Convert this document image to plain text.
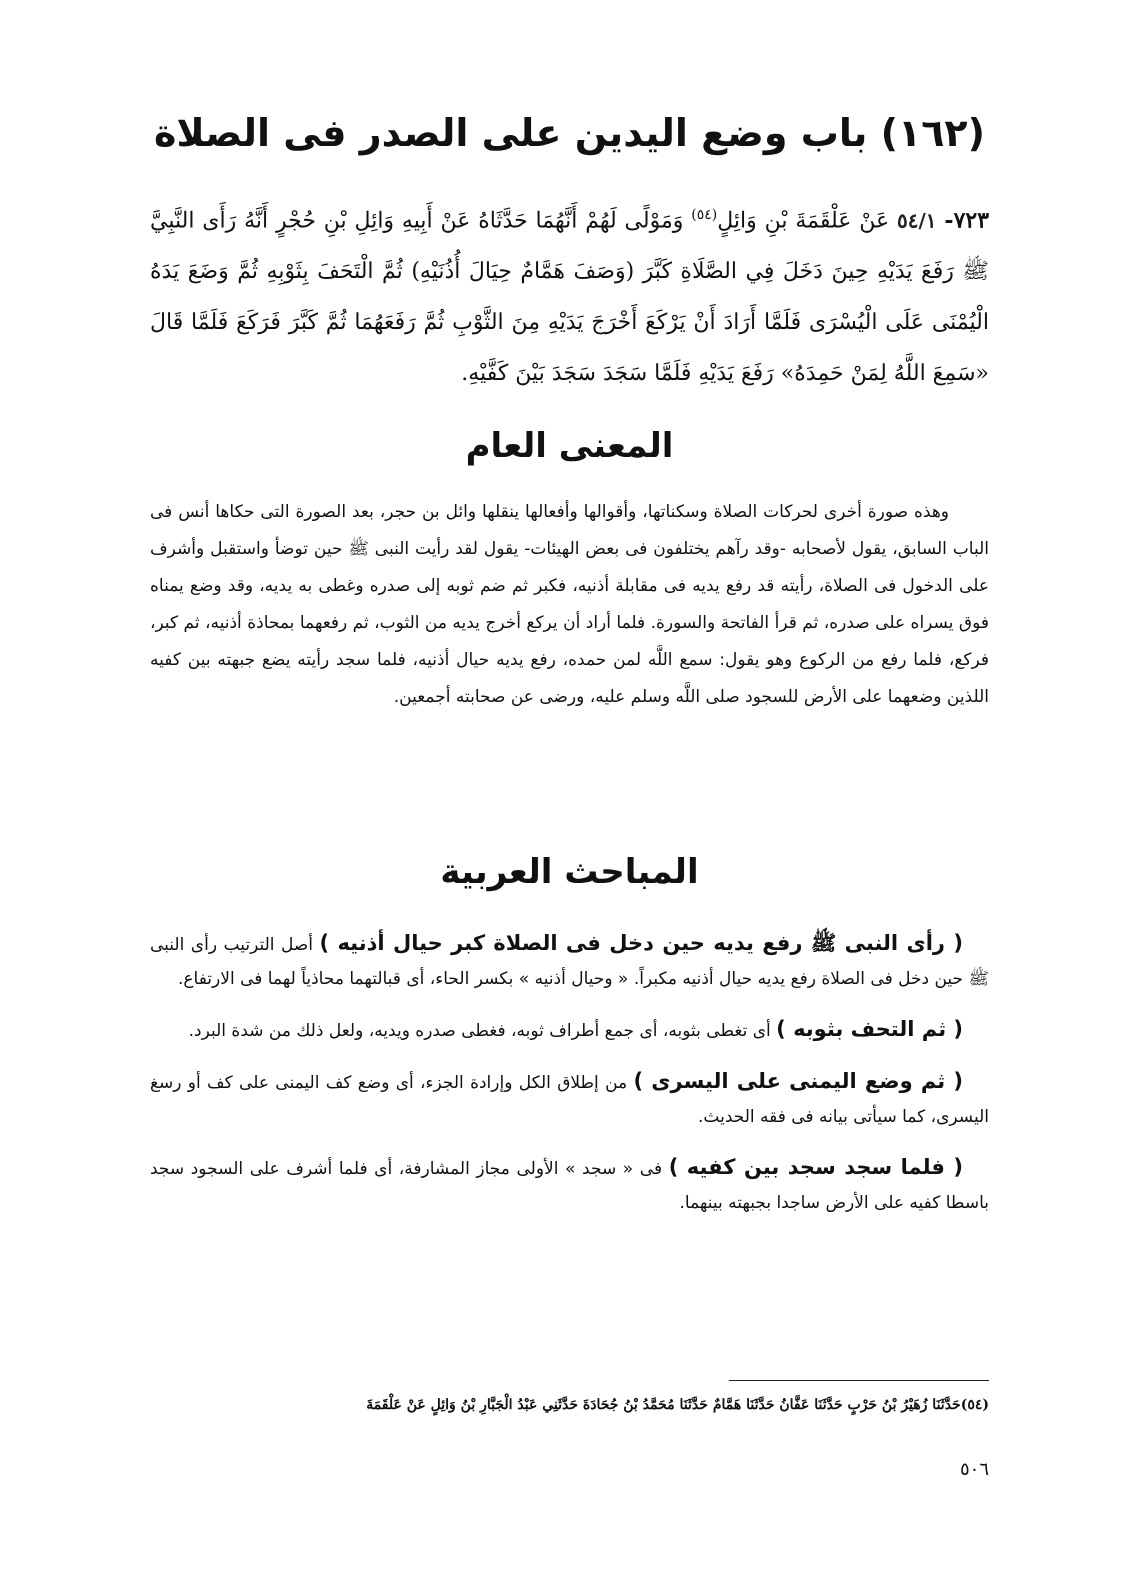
(١٦٢) باب وضع اليدين على الصدر فى الصلاة

٧٢٣- ٥٤/١ عَنْ عَلْقَمَةَ بْنِ وَائِلٍ$^{(٥٤)}$ وَمَوْلًى لَهُمْ أَنَّهُمَا حَدَّثَاهُ عَنْ أَبِيهِ وَائِلِ بْنِ حُجْرٍ أَنَّهُ رَأَى النَّبِيَّ ﷺ رَفَعَ يَدَيْهِ حِينَ دَخَلَ فِي الصَّلَاةِ كَبَّرَ (وَصَفَ هَمَّامٌ حِيَالَ أُذُنَيْهِ) ثُمَّ الْتَحَفَ بِثَوْبِهِ ثُمَّ وَضَعَ يَدَهُ الْيُمْنَى عَلَى الْيُسْرَى فَلَمَّا أَرَادَ أَنْ يَرْكَعَ أَخْرَجَ يَدَيْهِ مِنَ الثَّوْبِ ثُمَّ رَفَعَهُمَا ثُمَّ كَبَّرَ فَرَكَعَ فَلَمَّا قَالَ «سَمِعَ اللَّهُ لِمَنْ حَمِدَهُ» رَفَعَ يَدَيْهِ فَلَمَّا سَجَدَ سَجَدَ بَيْنَ كَفَّيْهِ.

المعنى العام

وهذه صورة أخرى لحركات الصلاة وسكناتها، وأقوالها وأفعالها ينقلها وائل بن حجر، بعد الصورة التى حكاها أنس فى الباب السابق، يقول لأصحابه -وقد رآهم يختلفون فى بعض الهيئات- يقول لقد رأيت النبى ﷺ حين توضأ واستقبل وأشرف على الدخول فى الصلاة، رأيته قد رفع يديه فى مقابلة أذنيه، فكبر ثم ضم ثوبه إلى صدره وغطى به يديه، وقد وضع يمناه فوق يسراه على صدره، ثم قرأ الفاتحة والسورة. فلما أراد أن يركع أخرج يديه من الثوب، ثم رفعهما بمحاذة أذنيه، ثم كبر، فركع، فلما رفع من الركوع وهو يقول: سمع اللَّه لمن حمده، رفع يديه حيال أذنيه، فلما سجد رأيته يضع جبهته بين كفيه اللذين وضعهما على الأرض للسجود صلى اللَّه وسلم عليه، ورضى عن صحابته أجمعين.

المباحث العربية

( رأى النبى ﷺ رفع يديه حين دخل فى الصلاة كبر حيال أذنيه ) أصل الترتيب رأى النبى ﷺ حين دخل فى الصلاة رفع يديه حيال أذنيه مكبراً. « وحيال أذنيه » بكسر الحاء، أى قبالتهما محاذياً لهما فى الارتفاع.

( ثم التحف بثوبه ) أى تغطى بثوبه، أى جمع أطراف ثوبه، فغطى صدره ويديه، ولعل ذلك من شدة البرد.

( ثم وضع اليمنى على اليسرى ) من إطلاق الكل وإرادة الجزء، أى وضع كف اليمنى على كف أو رسغ اليسرى، كما سيأتى بيانه فى فقه الحديث.

( فلما سجد سجد بين كفيه ) فى « سجد » الأولى مجاز المشارفة، أى فلما أشرف على السجود سجد باسطا كفيه على الأرض ساجدا بجبهته بينهما.

(٥٤)حَدَّثَنَا زُهَيْرُ بْنُ حَرْبٍ حَدَّثَنَا عَفَّانُ حَدَّثَنَا هَمَّامٌ حَدَّثَنَا مُحَمَّدُ بْنُ جُحَادَةَ حَدَّثَنِي عَبْدُ الْجَبَّارِ بْنُ وَائِلٍ عَنْ عَلْقَمَةَ

٥٠٦
